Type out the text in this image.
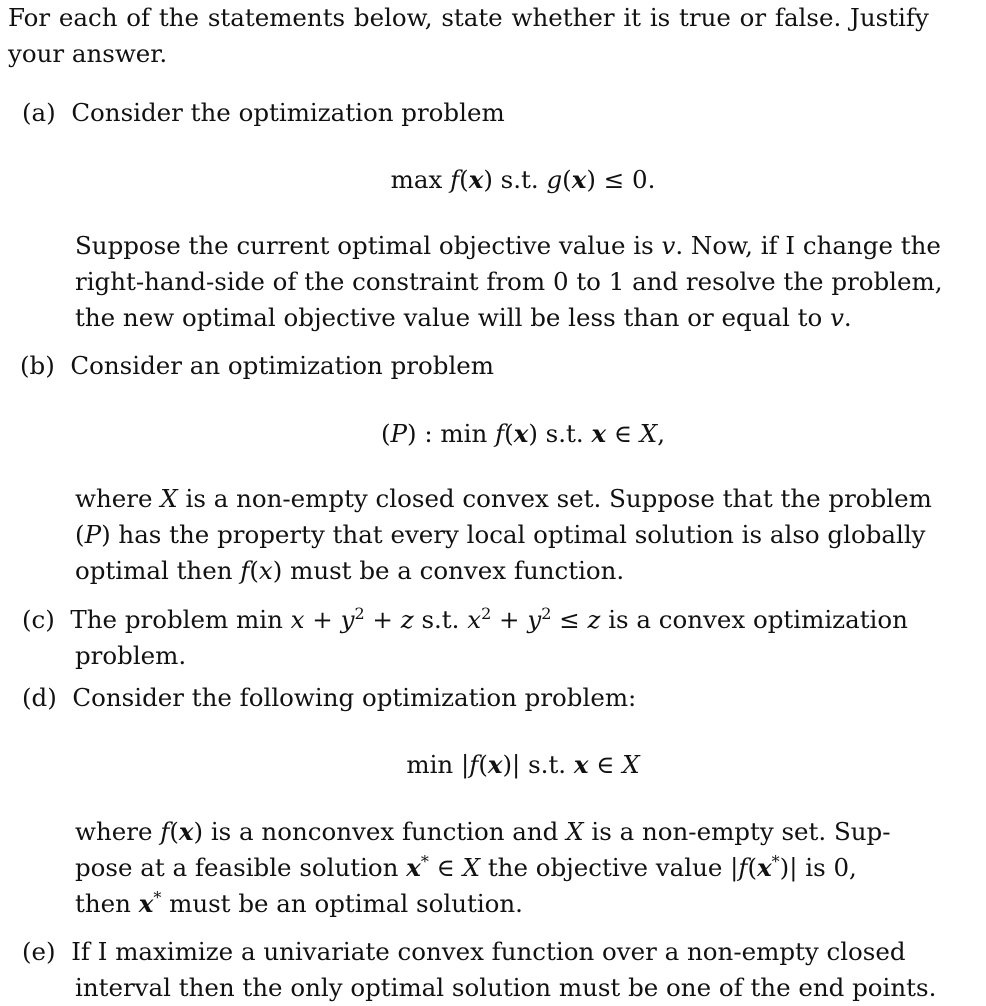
For each of the statements below, state whether it is true or false. Justify
your answer.
(a) Consider the optimization problem
max f(x) s.t. g(x) ≤ 0.
Suppose the current optimal objective value is v. Now, if I change the
right-hand-side of the constraint from 0 to 1 and resolve the problem,
the new optimal objective value will be less than or equal to v.
(b) Consider an optimization problem
(P) : min f(x) s.t. x ∈ X,
where X is a non-empty closed convex set. Suppose that the problem
(P) has the property that every local optimal solution is also globally
optimal then f(x) must be a convex function.
(c) The problem $\min x + y^2 + z$ s.t. $x^2 + y^2 \le z$ is a convex optimization
problem.
(d) Consider the following optimization problem:
min |f(x)| s.t. x ∈ X
where f(x) is a nonconvex function and X is a non-empty set. Sup-
pose at a feasible solution x* ∈ X the objective value |f(x*)| is 0,
then x* must be an optimal solution.
(e) If I maximize a univariate convex function over a non-empty closed
interval then the only optimal solution must be one of the end points.
